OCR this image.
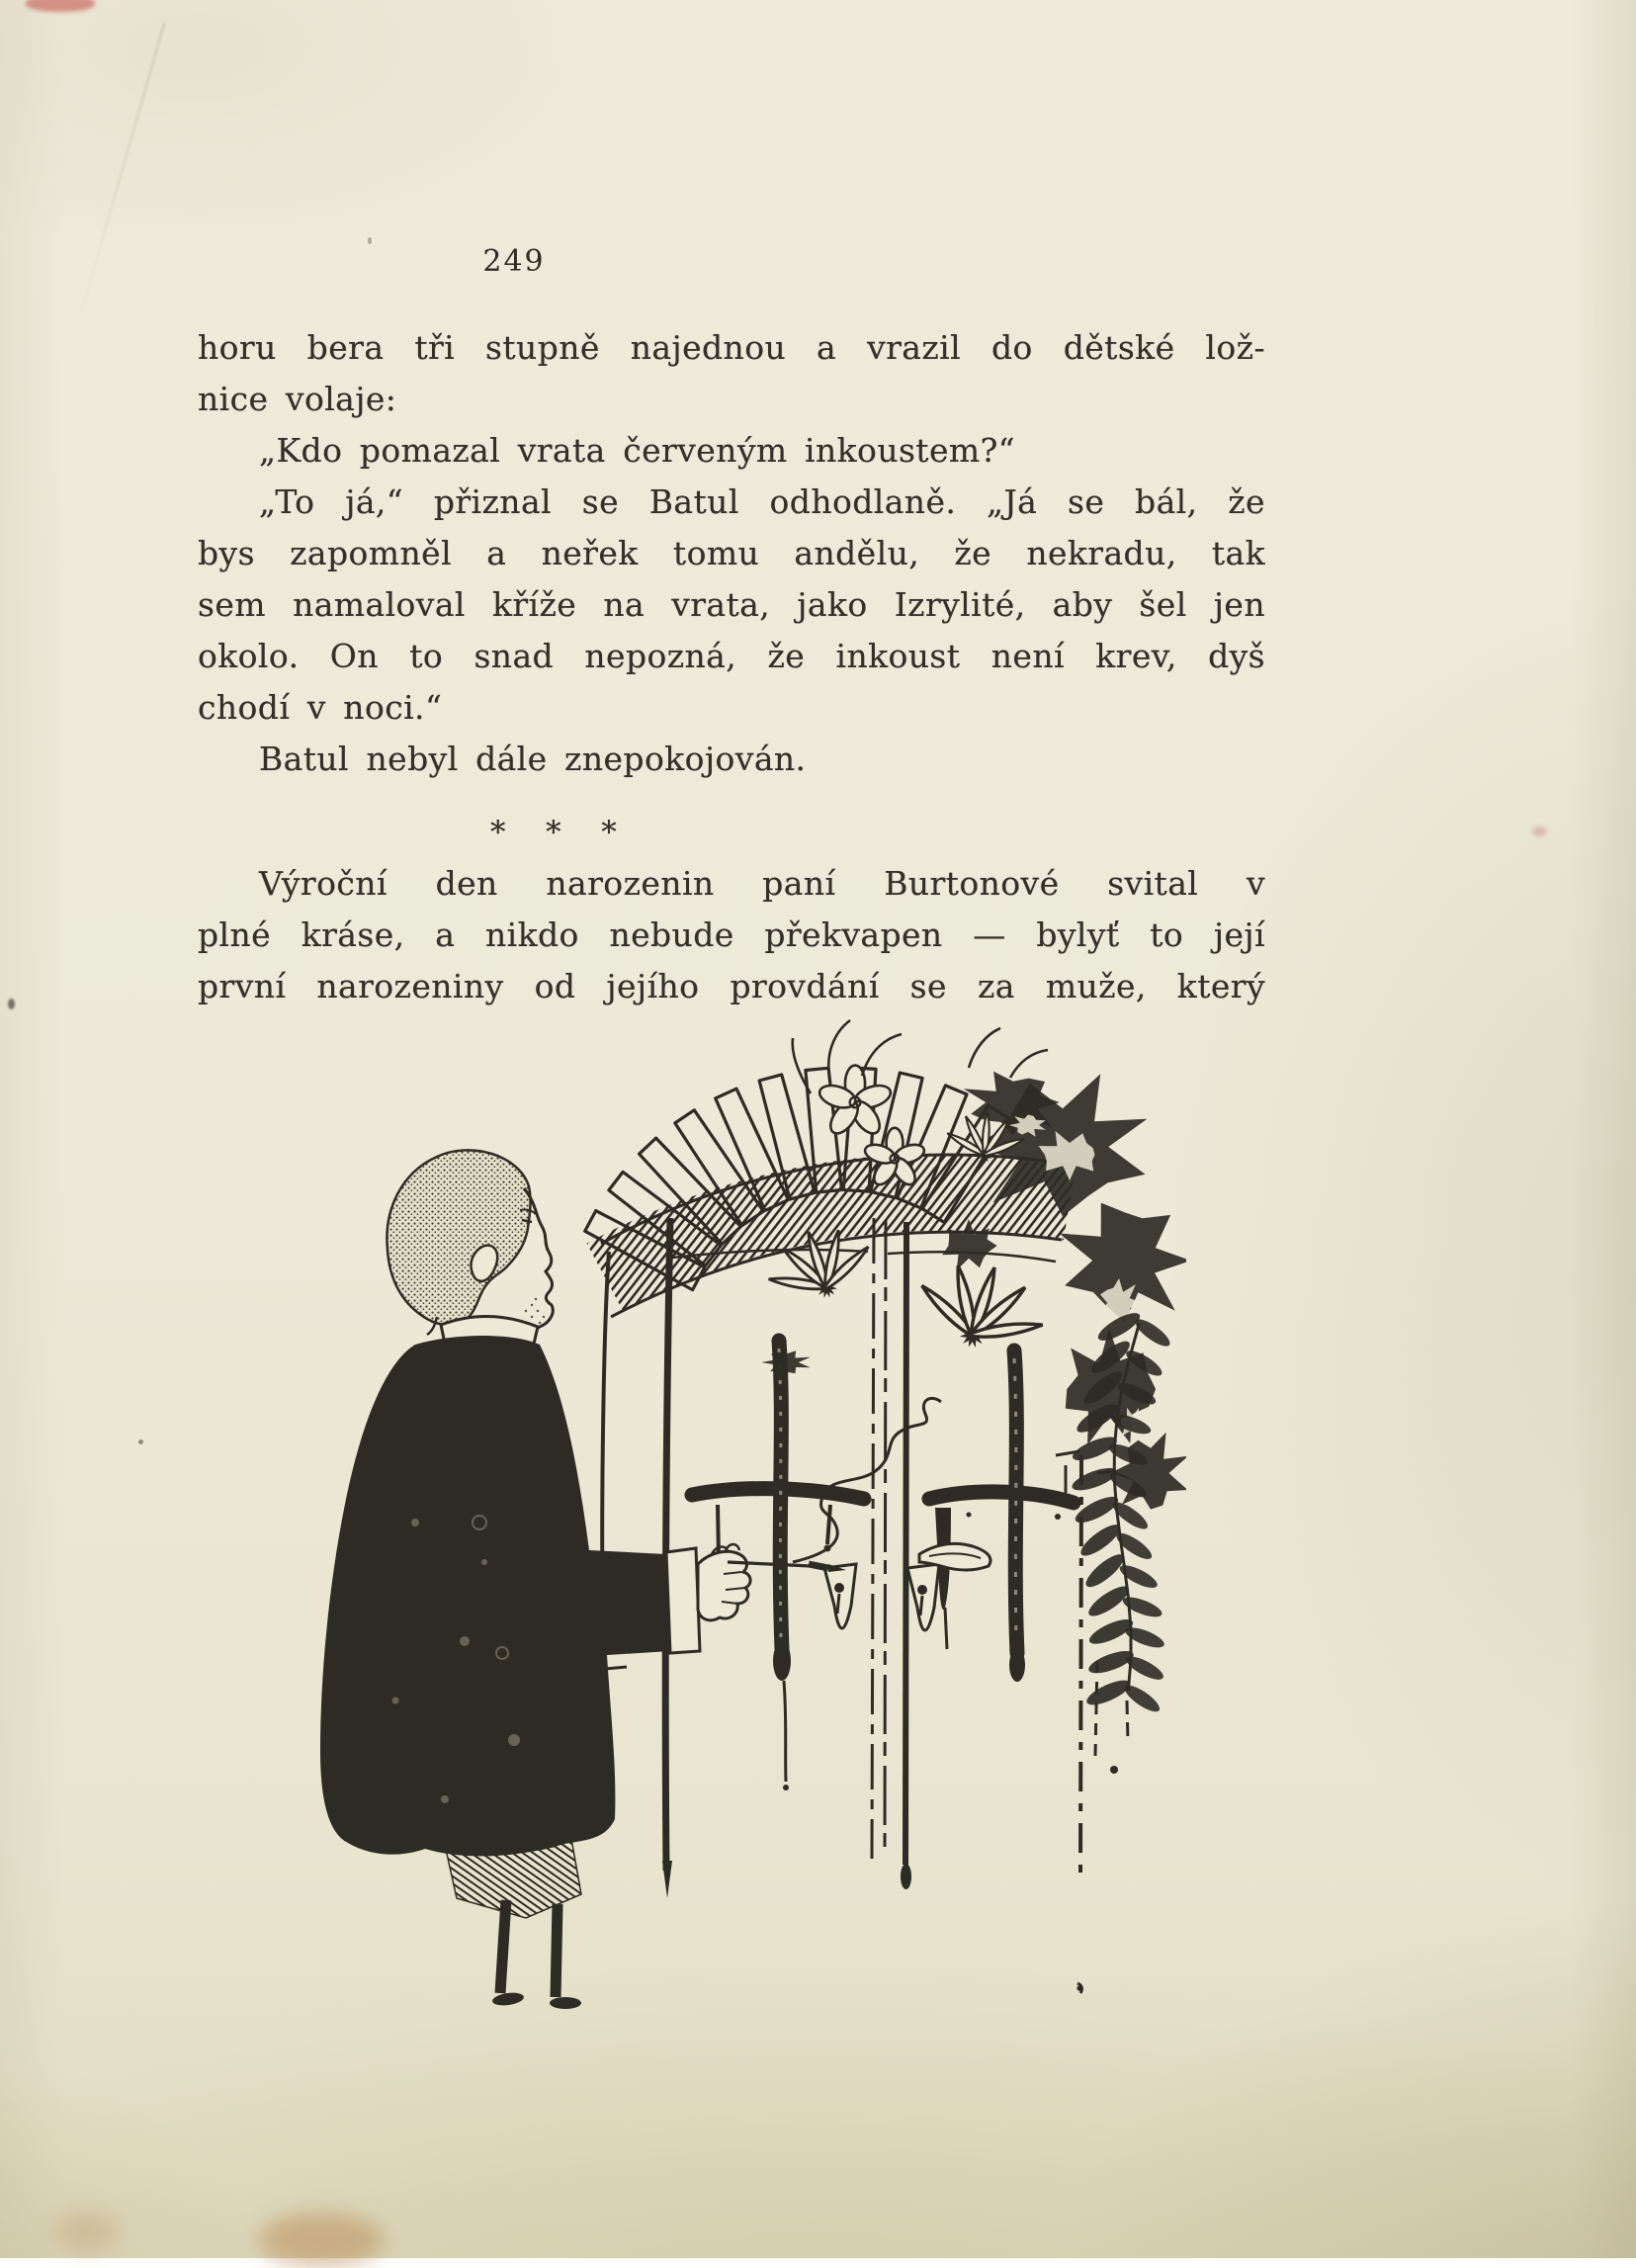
249
horu bera tři stupně najednou a vrazil do dětské lož-
nice volaje:
„Kdo pomazal vrata červeným inkoustem?“
„To já,“ přiznal se Batul odhodlaně. „Já se bál, že
bys zapomněl a neřek tomu andělu, že nekradu, tak
sem namaloval kříže na vrata, jako Izrylité, aby šel jen
okolo. On to snad nepozná, že inkoust není krev, dyš
chodí v noci.“
Batul nebyl dále znepokojován.
* * *
Výroční den narozenin paní Burtonové svital v
plné kráse, a nikdo nebude překvapen — bylyť to její
první narozeniny od jejího provdání se za muže, který
